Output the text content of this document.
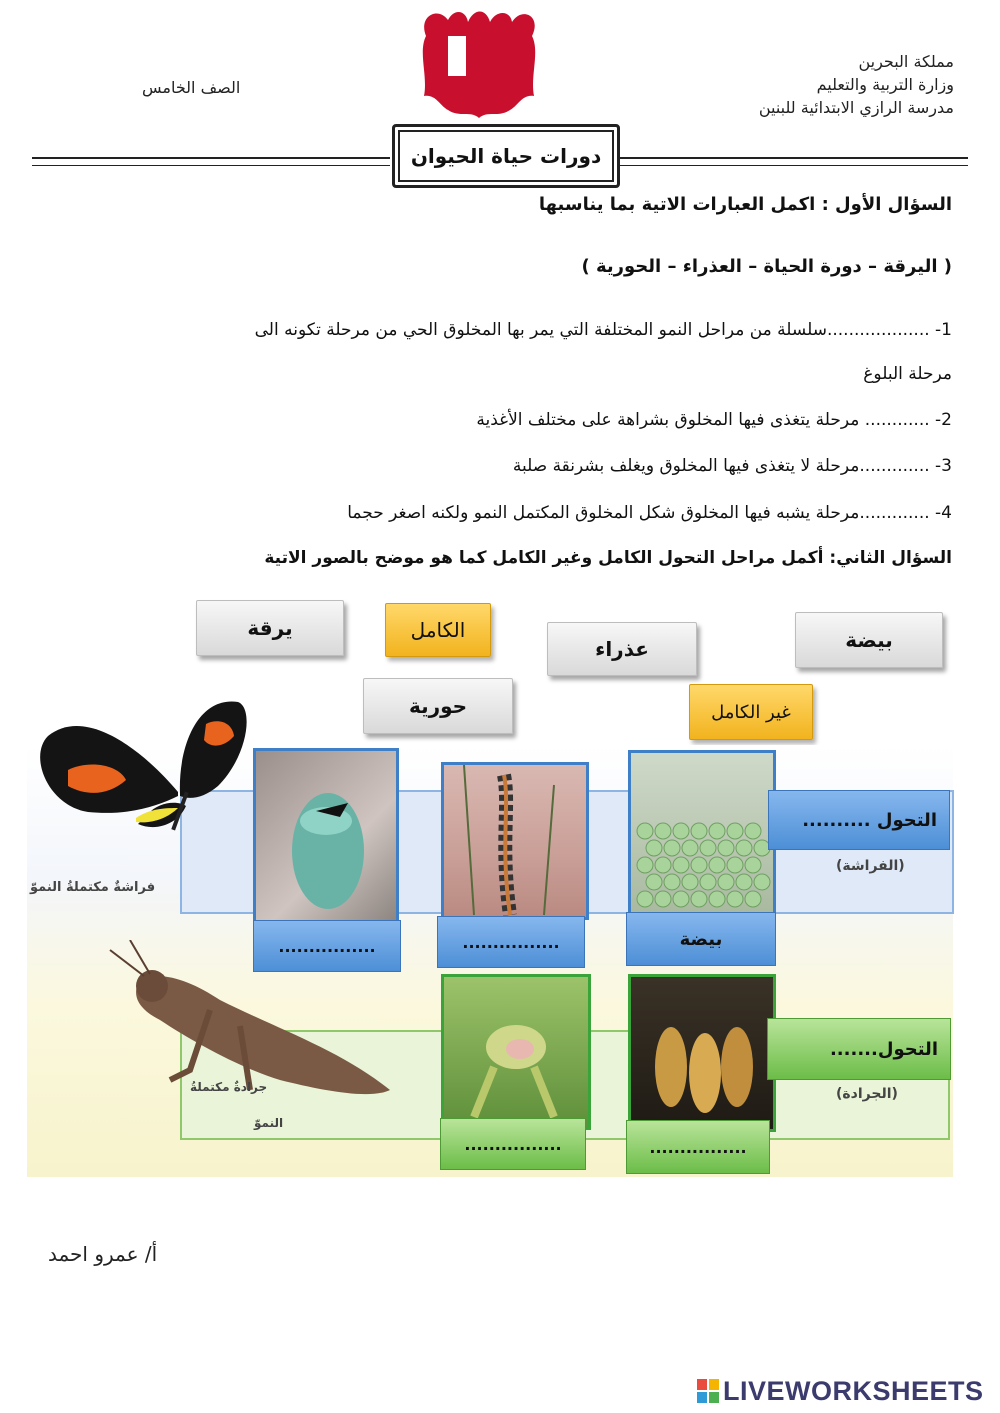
مملكة البحرين
وزارة التربية والتعليم
مدرسة الرازي الابتدائية للبنين
الصف الخامس
دورات حياة الحيوان
السؤال الأول : اكمل العبارات الاتية بما يناسبها
( اليرقة – دورة الحياة – العذراء – الحورية )
1- ...................سلسلة من مراحل النمو المختلفة التي يمر بها المخلوق الحي من مرحلة تكونه الى
مرحلة البلوغ
2- ............ مرحلة يتغذى فيها المخلوق بشراهة على مختلف الأغذية
3- .............مرحلة لا يتغذى فيها المخلوق ويغلف بشرنقة صلبة
4- .............مرحلة يشبه فيها المخلوق شكل المخلوق المكتمل النمو ولكنه اصغر حجما
السؤال الثاني: أكمل مراحل التحول الكامل وغير الكامل كما هو موضح بالصور الاتية
يرقة	الكامل
عذراء	بيضة
حورية	غير الكامل
فراشةٌ مكتملةُ النموّ
التحول ..........
(الفراشة)
................	................	بيضة
جرادةٌ مكتملةُ
النموّ
التحول.......
(الجرادة)
................	................
أ/ عمرو احمد
LIVEWORKSHEETS
